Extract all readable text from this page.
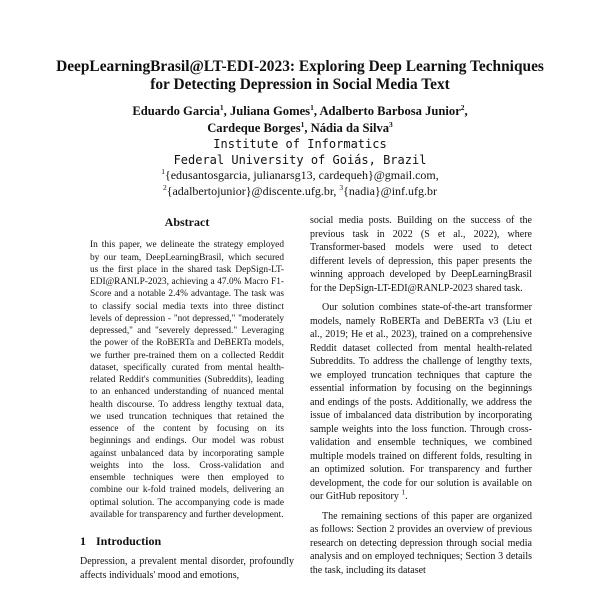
DeepLearningBrasil@LT-EDI-2023: Exploring Deep Learning Techniques
for Detecting Depression in Social Media Text
Eduardo Garcia$^1$, Juliana Gomes$^1$, Adalberto Barbosa Junior$^2$,
Cardeque Borges$^1$, Nádia da Silva$^3$
Institute of Informatics
Federal University of Goiás, Brazil
$^1${edusantosgarcia, julianarsg13, cardequeh}@gmail.com,
$^2${adalbertojunior}@discente.ufg.br, $^3${nadia}@inf.ufg.br
Abstract

In this paper, we delineate the strategy employed by our team, DeepLearningBrasil, which secured us the first place in the shared task DepSign-LT-EDI@RANLP-2023, achieving a 47.0% Macro F1-Score and a notable 2.4% advantage. The task was to classify social media texts into three distinct levels of depression - "not depressed," "moderately depressed," and "severely depressed." Leveraging the power of the RoBERTa and DeBERTa models, we further pre-trained them on a collected Reddit dataset, specifically curated from mental health-related Reddit's communities (Subreddits), leading to an enhanced understanding of nuanced mental health discourse. To address lengthy textual data, we used truncation techniques that retained the essence of the content by focusing on its beginnings and endings. Our model was robust against unbalanced data by incorporating sample weights into the loss. Cross-validation and ensemble techniques were then employed to combine our k-fold trained models, delivering an optimal solution. The accompanying code is made available for transparency and further development.

1 Introduction

Depression, a prevalent mental disorder, profoundly affects individuals' mood and emotions,

social media posts. Building on the success of the previous task in 2022 (S et al., 2022), where Transformer-based models were used to detect different levels of depression, this paper presents the winning approach developed by DeepLearningBrasil for the DepSign-LT-EDI@RANLP-2023 shared task.

Our solution combines state-of-the-art transformer models, namely RoBERTa and DeBERTa v3 (Liu et al., 2019; He et al., 2023), trained on a comprehensive Reddit dataset collected from mental health-related Subreddits. To address the challenge of lengthy texts, we employed truncation techniques that capture the essential information by focusing on the beginnings and endings of the posts. Additionally, we address the issue of imbalanced data distribution by incorporating sample weights into the loss function. Through cross-validation and ensemble techniques, we combined multiple models trained on different folds, resulting in an optimized solution. For transparency and further development, the code for our solution is available on our GitHub repository $^1$.

The remaining sections of this paper are organized as follows: Section 2 provides an overview of previous research on detecting depression through social media analysis and on employed techniques; Section 3 details the task, including its dataset
